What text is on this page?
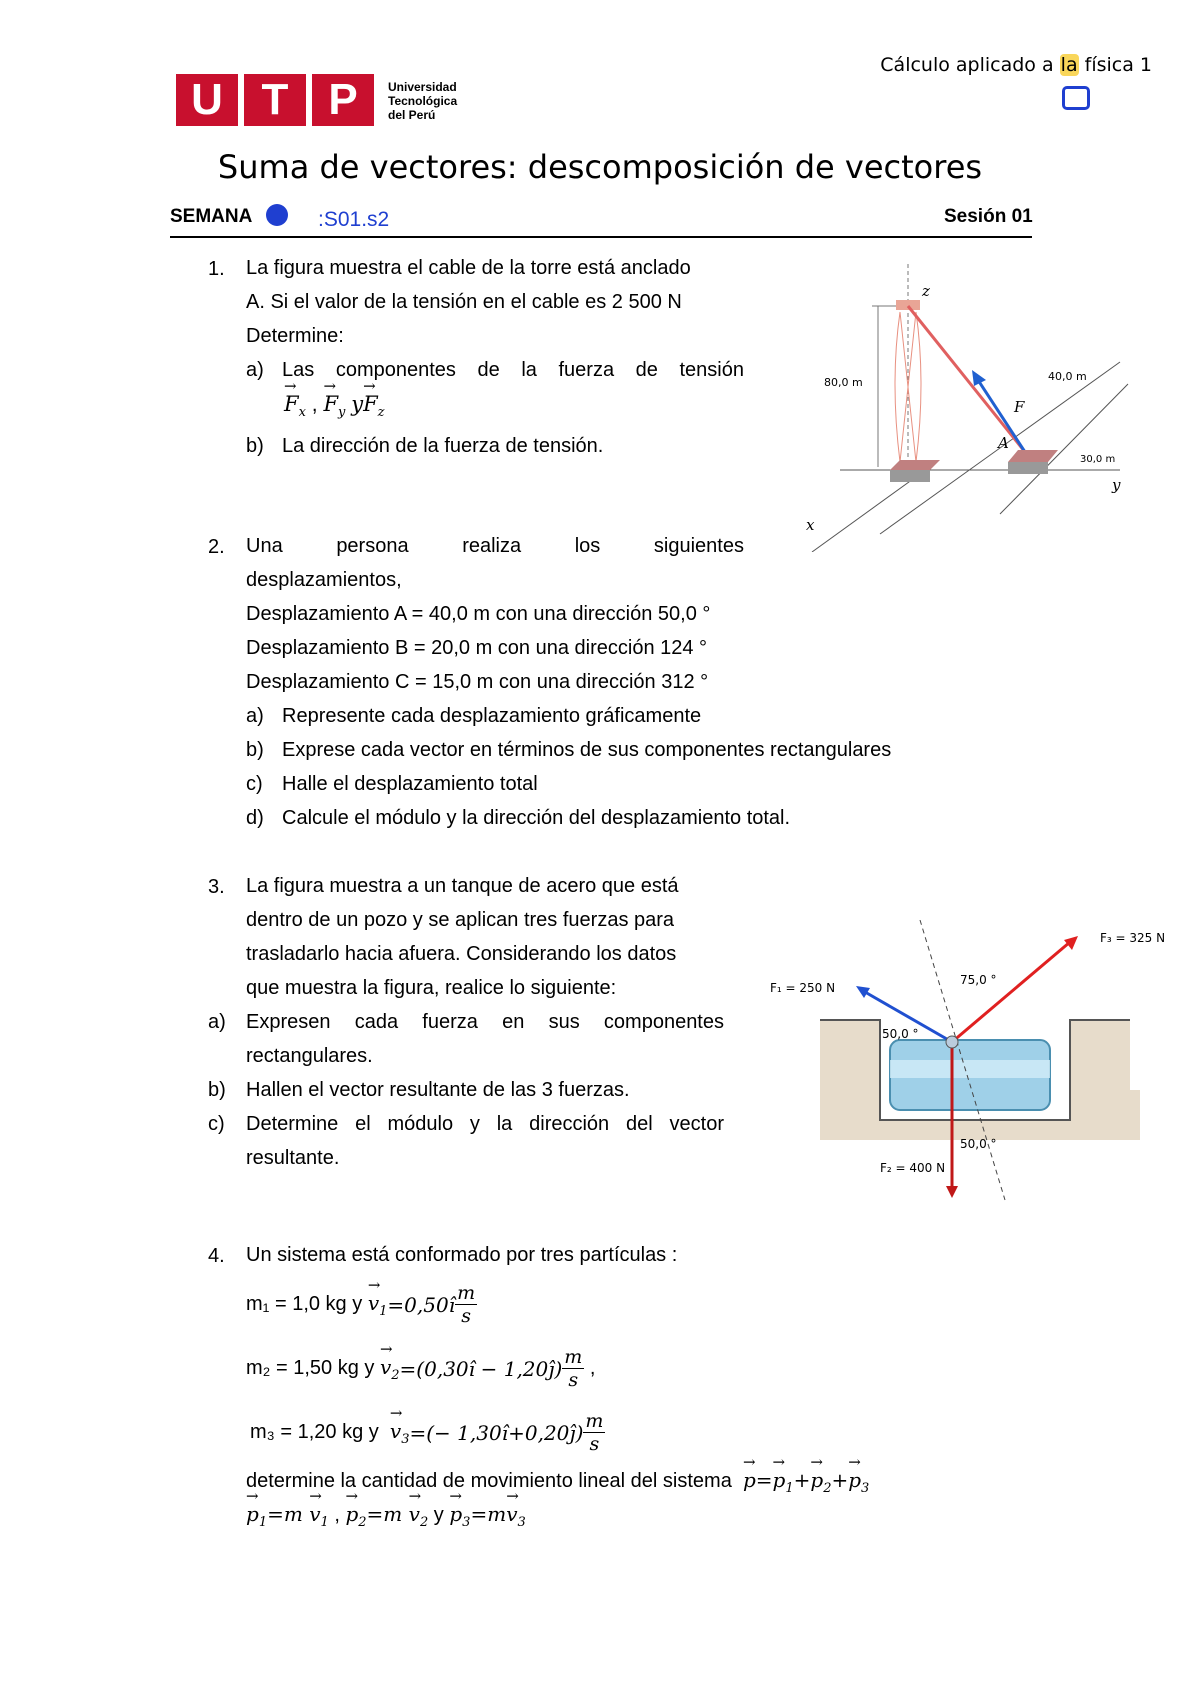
Cálculo aplicado a la física 1
U T P	Universidad
Tecnológica
del Perú
Suma de vectores: descomposición de vectores
SEMANA	:S01.s2	Sesión 01
1. La figura muestra el cable de la torre está anclado
A. Si el valor de la tensión en el cable es 2 500 N
Determine:
a) Las componentes de la fuerza de tensión
→ $F_x$ , → $F_y$ $y\to F_z$
b) La dirección de la fuerza de tensión.
z
y
x
80,0 m	40,0 m
30,0 m
F
A
2. Una	persona	realiza	los	siguientes
desplazamientos,
Desplazamiento A = 40,0 m con una dirección 50,0 °
Desplazamiento B = 20,0 m con una dirección 124 °
Desplazamiento C = 15,0 m con una dirección 312 °
a) Represente cada desplazamiento gráficamente
b) Exprese cada vector en términos de sus componentes rectangulares
c) Halle el desplazamiento total
d) Calcule el módulo y la dirección del desplazamiento total.
3. La figura muestra a un tanque de acero que está
dentro de un pozo y se aplican tres fuerzas para
trasladarlo hacia afuera. Considerando los datos
que muestra la figura, realice lo siguiente:
a) Expresen cada fuerza en sus componentes
rectangulares.
b) Hallen el vector resultante de las 3 fuerzas.
c) Determine el módulo y la dirección del vector
resultante.
F₁ = 250 N
F₃ = 325 N
F₂ = 400 N
75,0 °
50,0 °
50,0 °
4. Un sistema está conformado por tres partículas :
m₁ = 1,0 kg y
→ $v_1 =0,50$ î $\frac{m}{s}$
m₂ = 1,50 kg y
→ $v_2 =(0,30$ î
− 1,20 ĵ) $\frac{m}{s}$ ,
m₃ = 1,20 kg y
→ $v_3$ =(− 1,30 î +0,20 ĵ) $\frac{m}{s}$
determine la cantidad de movimiento lineal del sistema → $p=\to p_1+\to p_2+\to p_3$
→ $p_1=m \to v_1$ , → $p_2=m \to v_2$ $y \to p_3=m\to v_3$
